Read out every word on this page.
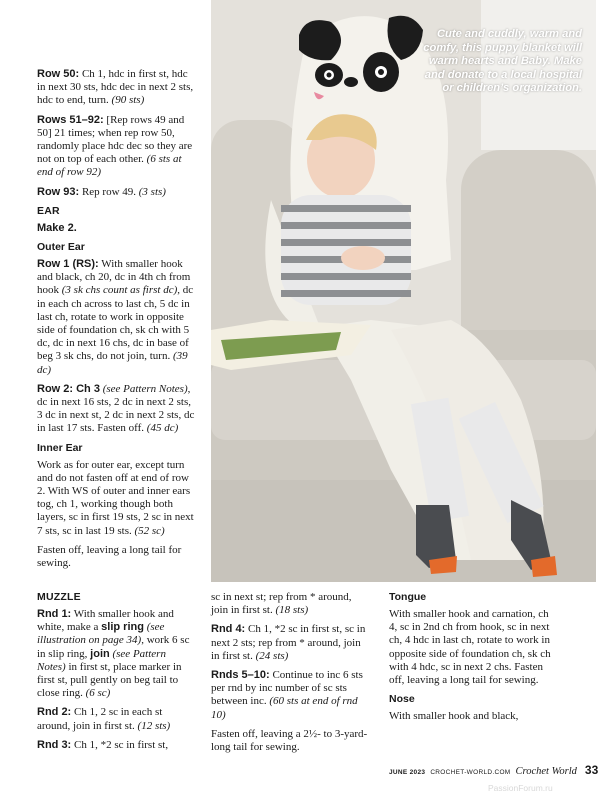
Cute and cuddly, warm and comfy, this puppy blanket will warm hearts and Baby. Make and donate to a local hospital or children’s organization.

Row 50: Ch 1, hdc in first st, hdc in next 30 sts, hdc dec in next 2 sts, hdc to end, turn. (90 sts)

Rows 51–92: [Rep rows 49 and 50] 21 times; when rep row 50, randomly place hdc dec so they are not on top of each other. (6 sts at end of row 92)

Row 93: Rep row 49. (3 sts)

EAR

Make 2.

Outer Ear

Row 1 (RS): With smaller hook and black, ch 20, dc in 4th ch from hook (3 sk chs count as first dc), dc in each ch across to last ch, 5 dc in last ch, rotate to work in opposite side of foundation ch, sk ch with 5 dc, dc in next 16 chs, dc in base of beg 3 sk chs, do not join, turn. (39 dc)

Row 2: Ch 3 (see Pattern Notes), dc in next 16 sts, 2 dc in next 2 sts, 3 dc in next st, 2 dc in next 2 sts, dc in last 17 sts. Fasten off. (45 dc)

Inner Ear

Work as for outer ear, except turn and do not fasten off at end of row 2. With WS of outer and inner ears tog, ch 1, working though both layers, sc in first 19 sts, 2 sc in next 7 sts, sc in last 19 sts. (52 sc)

Fasten off, leaving a long tail for sewing.

MUZZLE

Rnd 1: With smaller hook and white, make a slip ring (see illustration on page 34), work 6 sc in slip ring, join (see Pattern Notes) in first st, place marker in first st, pull gently on beg tail to close ring. (6 sc)

Rnd 2: Ch 1, 2 sc in each st around, join in first st. (12 sts)

Rnd 3: Ch 1, *2 sc in first st,

sc in next st; rep from * around, join in first st. (18 sts)

Rnd 4: Ch 1, *2 sc in first st, sc in next 2 sts; rep from * around, join in first st. (24 sts)

Rnds 5–10: Continue to inc 6 sts per rnd by inc number of sc sts between inc. (60 sts at end of rnd 10)

Fasten off, leaving a 2½- to 3-yard-long tail for sewing.

Tongue

With smaller hook and carnation, ch 4, sc in 2nd ch from hook, sc in next ch, 4 hdc in last ch, rotate to work in opposite side of foundation ch, sk ch with 4 hdc, sc in next 2 chs. Fasten off, leaving a long tail for sewing.

Nose

With smaller hook and black,

JUNE 2023 CROCHET-WORLD.COM Crochet World 33
PassionForum.ru
